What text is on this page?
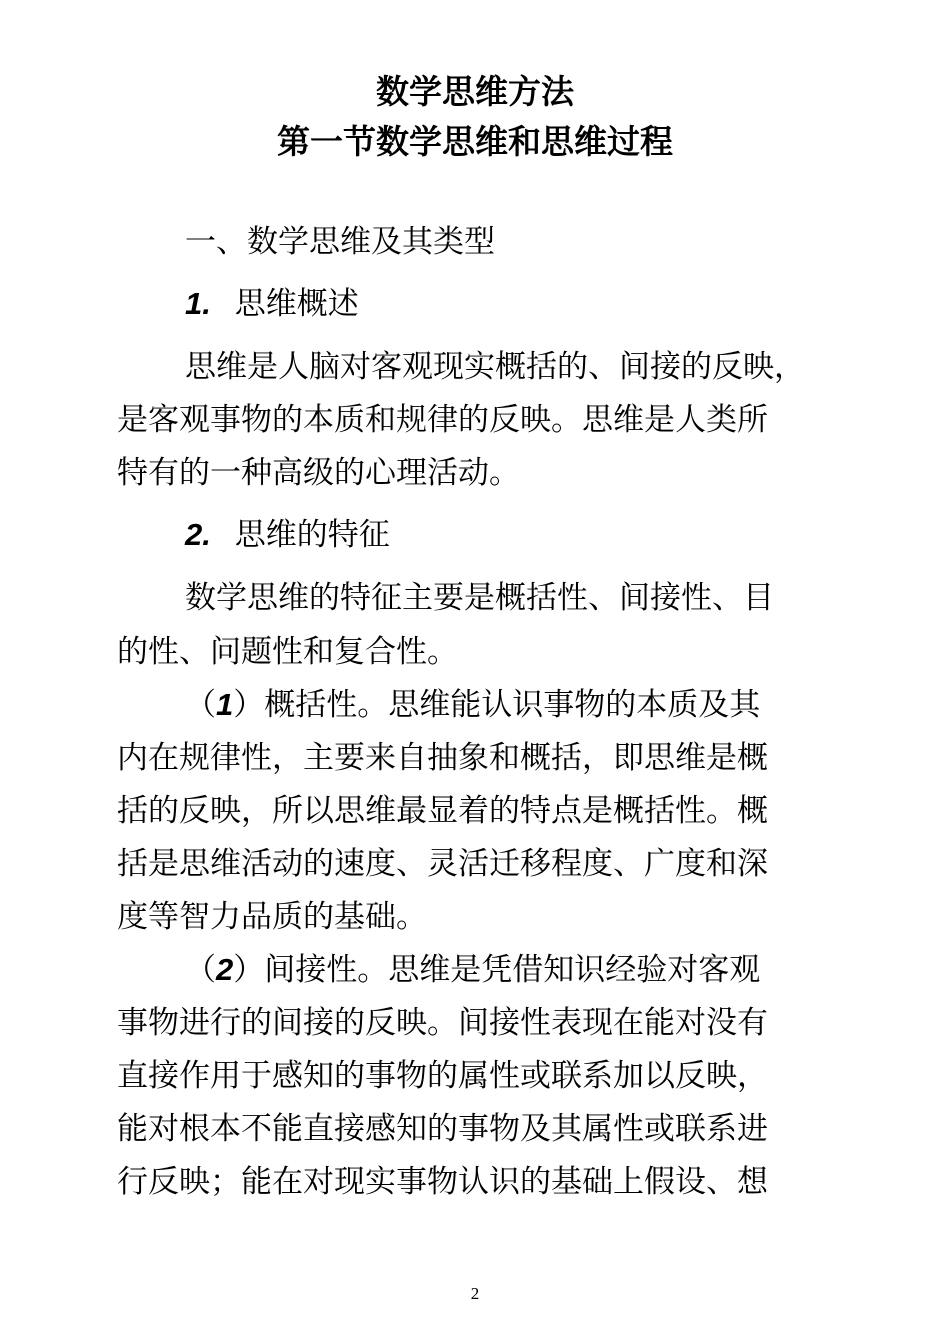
数学思维方法
第一节数学思维和思维过程

一、数学思维及其类型

1. 思维概述

思维是人脑对客观现实概括的、间接的反映，

是客观事物的本质和规律的反映。思维是人类所

特有的一种高级的心理活动。

2. 思维的特征

数学思维的特征主要是概括性、间接性、目

的性、问题性和复合性。

（1）概括性。思维能认识事物的本质及其

内在规律性，主要来自抽象和概括，即思维是概

括的反映，所以思维最显着的特点是概括性。概

括是思维活动的速度、灵活迁移程度、广度和深

度等智力品质的基础。

（2）间接性。思维是凭借知识经验对客观

事物进行的间接的反映。间接性表现在能对没有

直接作用于感知的事物的属性或联系加以反映，

能对根本不能直接感知的事物及其属性或联系进

行反映；能在对现实事物认识的基础上假设、想

2
